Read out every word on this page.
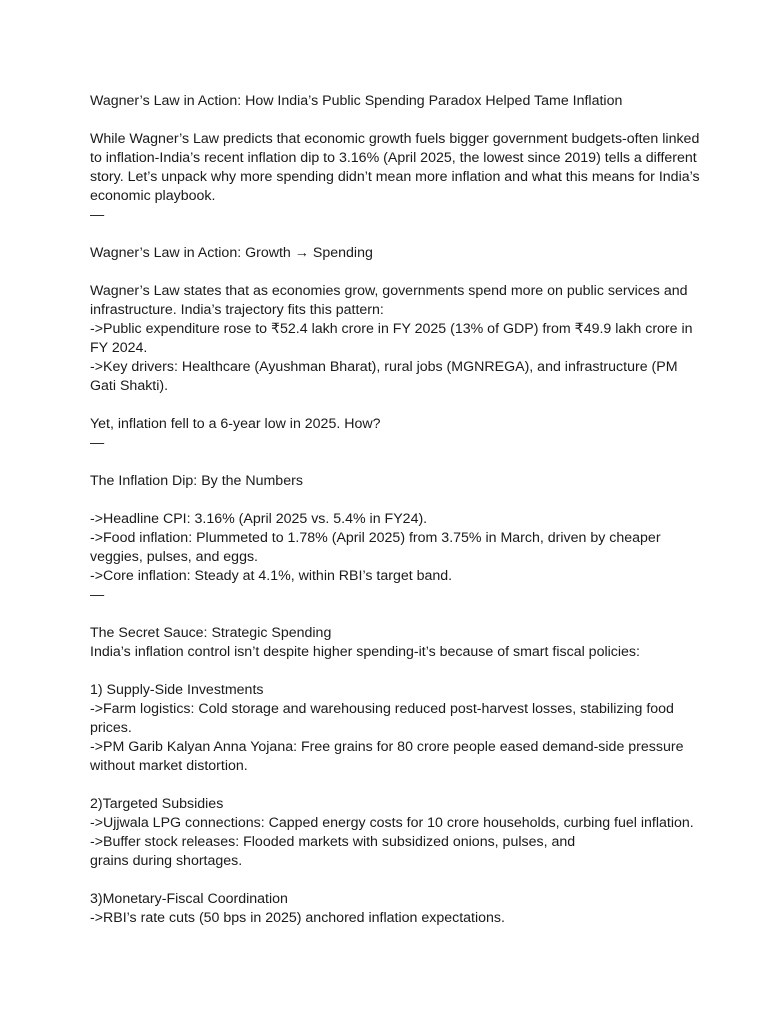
Wagner’s Law in Action: How India’s Public Spending Paradox Helped Tame Inflation

While Wagner’s Law predicts that economic growth fuels bigger government budgets-often linked to inflation-India’s recent inflation dip to 3.16% (April 2025, the lowest since 2019) tells a different story. Let’s unpack why more spending didn’t mean more inflation and what this means for India’s economic playbook.

—

Wagner’s Law in Action: Growth → Spending

Wagner’s Law states that as economies grow, governments spend more on public services and infrastructure. India’s trajectory fits this pattern:

->Public expenditure rose to ₹52.4 lakh crore in FY 2025 (13% of GDP) from ₹49.9 lakh crore in FY 2024.

->Key drivers: Healthcare (Ayushman Bharat), rural jobs (MGNREGA), and infrastructure (PM Gati Shakti).

Yet, inflation fell to a 6-year low in 2025. How?

—

The Inflation Dip: By the Numbers

->Headline CPI: 3.16% (April 2025 vs. 5.4% in FY24).

->Food inflation: Plummeted to 1.78% (April 2025) from 3.75% in March, driven by cheaper veggies, pulses, and eggs.

->Core inflation: Steady at 4.1%, within RBI’s target band.

—

The Secret Sauce: Strategic Spending

India’s inflation control isn’t despite higher spending-it’s because of smart fiscal policies:

1) Supply-Side Investments

->Farm logistics: Cold storage and warehousing reduced post-harvest losses, stabilizing food prices.

->PM Garib Kalyan Anna Yojana: Free grains for 80 crore people eased demand-side pressure without market distortion.

2)Targeted Subsidies

->Ujjwala LPG connections: Capped energy costs for 10 crore households, curbing fuel inflation.

->Buffer stock releases: Flooded markets with subsidized onions, pulses, and
grains during shortages.

3)Monetary-Fiscal Coordination

->RBI’s rate cuts (50 bps in 2025) anchored inflation expectations.
